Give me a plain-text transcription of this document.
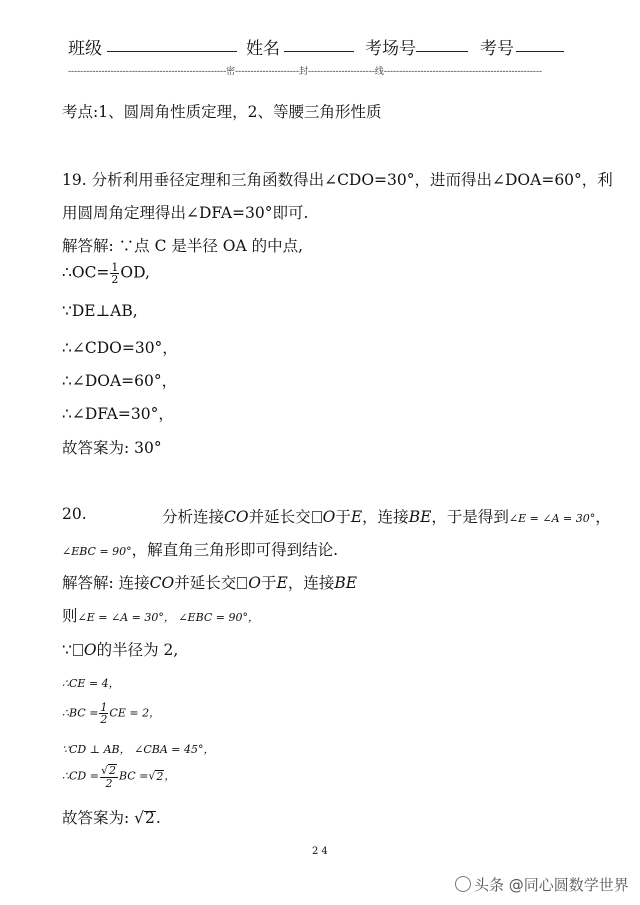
班级	姓名	考场号	考号
----------------------------------------------------密---------------------封----------------------线----------------------------------------------------
考点:1、圆周角性质定理，2、等腰三角形性质
19. 分析利用垂径定理和三角函数得出∠CDO=30°，进而得出∠DOA=60°，利
用圆周角定理得出∠DFA=30°即可.
解答解: ∵点 C 是半径 OA 的中点,
∴OC= $\frac{1}{2}$ OD,
∵DE⊥AB,
∴∠CDO=30°，
∴∠DOA=60°，
∴∠DFA=30°，
故答案为: 30°
20.	分析连接CO并延长交 O于E，连接BE，于是得到∠E = ∠A = 30°，
∠EBC = 90°，解直角三角形即可得到结论.
解答解: 连接CO并延长交 O于E，连接BE
则∠E = ∠A = 30°， ∠EBC = 90°，
∵ O的半径为 2,
∴CE = 4，
∴BC = $\frac{1}{2}$ CE = 2，
∵CD ⊥ AB， ∠CBA = 45°，
∴CD = $\frac{√2}{2}$ BC =√2，
故答案为: √2.
24
头条 @同心圆数学世界
